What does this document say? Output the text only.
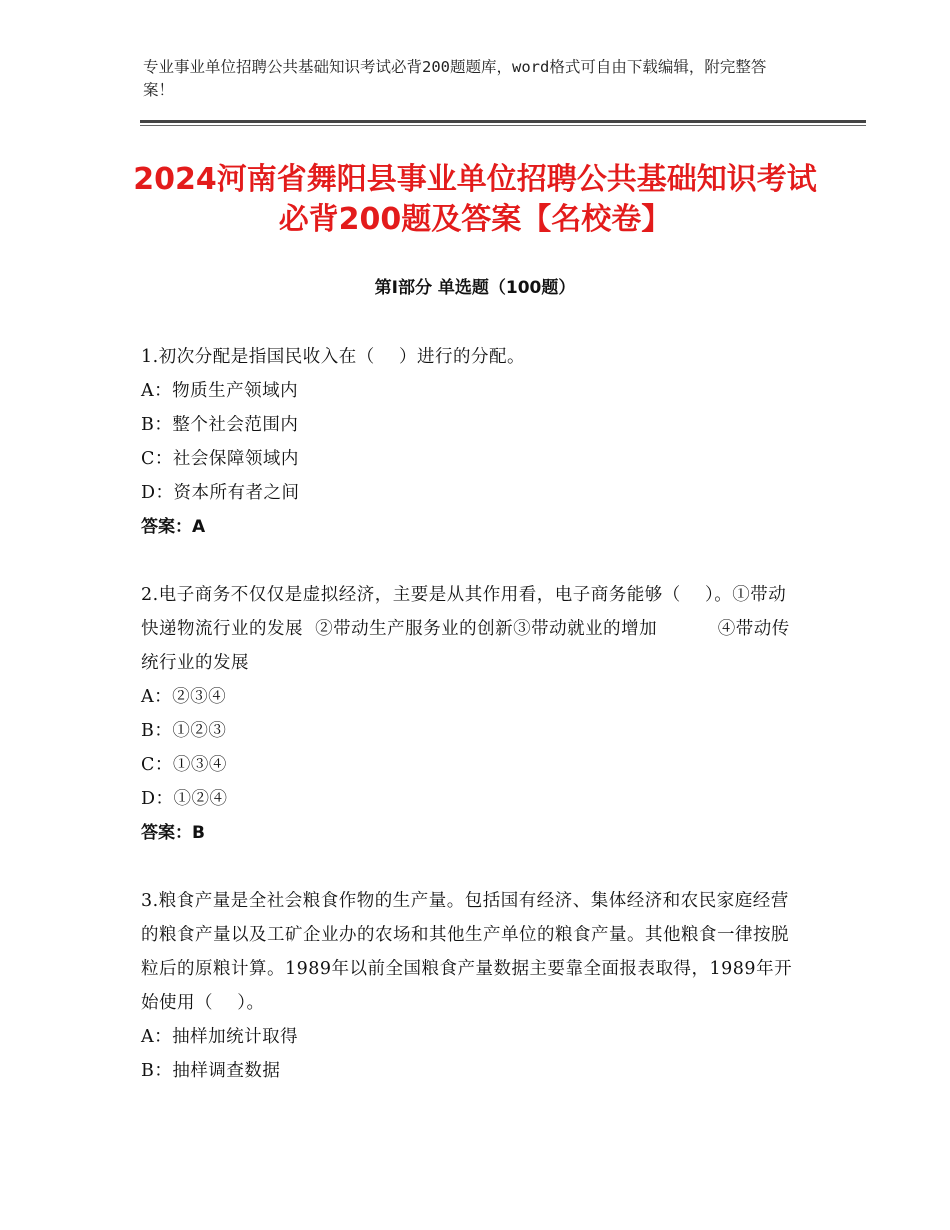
专业事业单位招聘公共基础知识考试必背200题题库，word格式可自由下载编辑，附完整答案！
2024河南省舞阳县事业单位招聘公共基础知识考试必背200题及答案【名校卷】
第Ⅰ部分 单选题（100题）

1.初次分配是指国民收入在（    ）进行的分配。

A：物质生产领域内

B：整个社会范围内

C：社会保障领域内

D：资本所有者之间

答案：A

2.电子商务不仅仅是虚拟经济，主要是从其作用看，电子商务能够（    ）。①带动快递物流行业的发展  ②带动生产服务业的创新③带动就业的增加          ④带动传统行业的发展

A：②③④

B：①②③

C：①③④

D：①②④

答案：B

3.粮食产量是全社会粮食作物的生产量。包括国有经济、集体经济和农民家庭经营的粮食产量以及工矿企业办的农场和其他生产单位的粮食产量。其他粮食一律按脱粒后的原粮计算。1989年以前全国粮食产量数据主要靠全面报表取得，1989年开始使用（    ）。

A：抽样加统计取得

B：抽样调查数据
